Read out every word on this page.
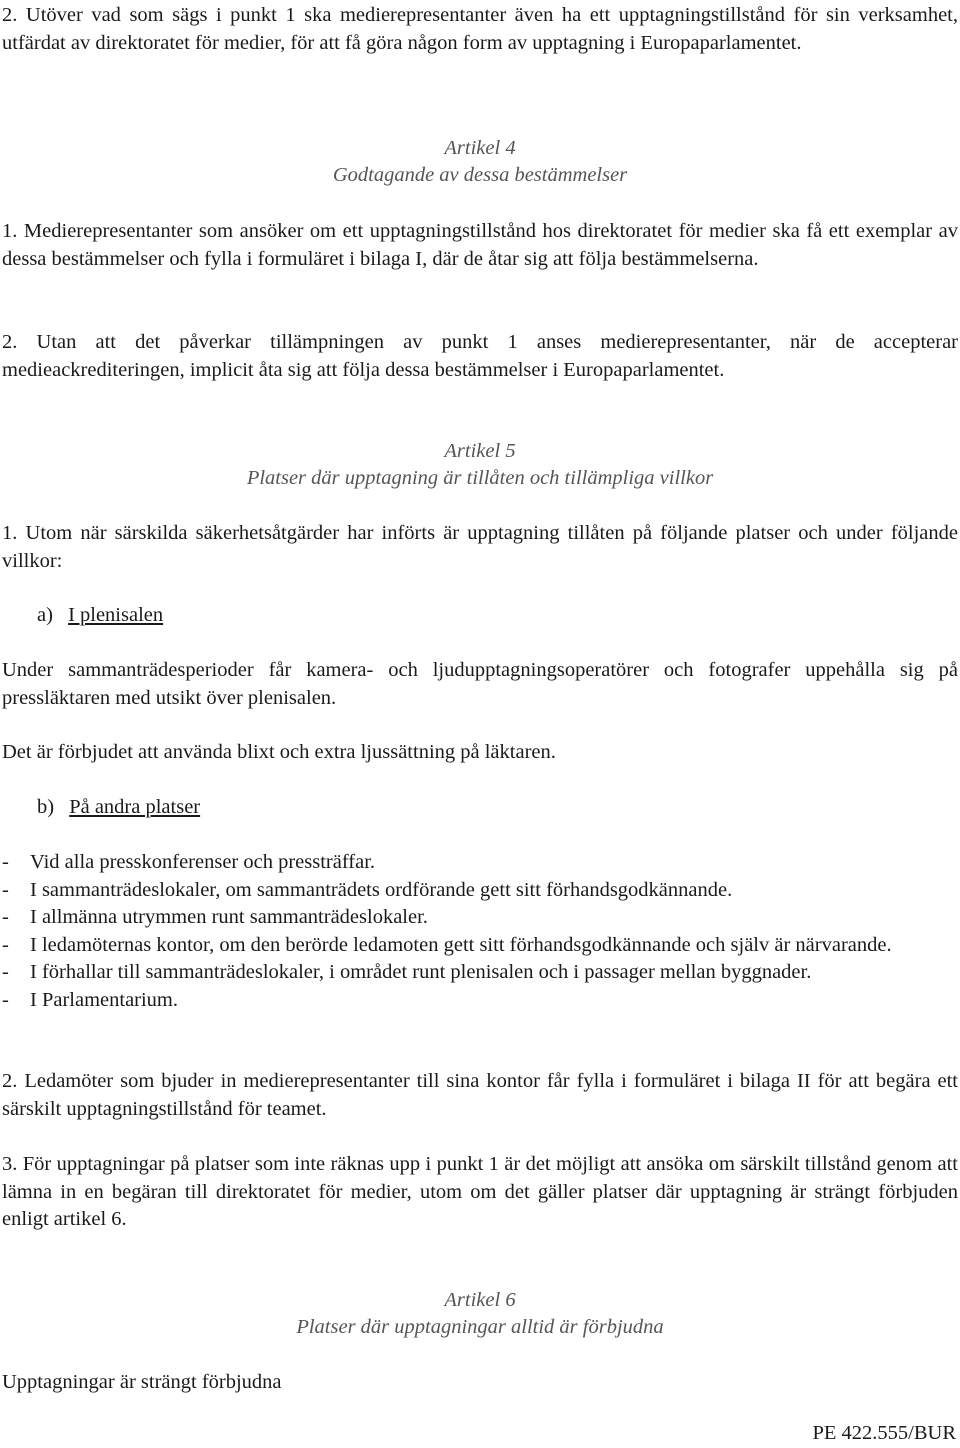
2. Utöver vad som sägs i punkt 1 ska medierepresentanter även ha ett upptagningstillstånd för sin verksamhet, utfärdat av direktoratet för medier, för att få göra någon form av upptagning i Europaparlamentet.
Artikel 4
Godtagande av dessa bestämmelser
1. Medierepresentanter som ansöker om ett upptagningstillstånd hos direktoratet för medier ska få ett exemplar av dessa bestämmelser och fylla i formuläret i bilaga I, där de åtar sig att följa bestämmelserna.
2. Utan att det påverkar tillämpningen av punkt 1 anses medierepresentanter, när de accepterar medieackrediteringen, implicit åta sig att följa dessa bestämmelser i Europaparlamentet.
Artikel 5
Platser där upptagning är tillåten och tillämpliga villkor
1. Utom när särskilda säkerhetsåtgärder har införts är upptagning tillåten på följande platser och under följande villkor:
a) I plenisalen
Under sammanträdesperioder får kamera- och ljudupptagningsoperatörer och fotografer uppehålla sig på pressläktaren med utsikt över plenisalen.
Det är förbjudet att använda blixt och extra ljussättning på läktaren.
b) På andra platser
- Vid alla presskonferenser och pressträffar.
- I sammanträdeslokaler, om sammanträdets ordförande gett sitt förhandsgodkännande.
- I allmänna utrymmen runt sammanträdeslokaler.
- I ledamöternas kontor, om den berörde ledamoten gett sitt förhandsgodkännande och själv är närvarande.
- I förhallar till sammanträdeslokaler, i området runt plenisalen och i passager mellan byggnader.
- I Parlamentarium.
2. Ledamöter som bjuder in medierepresentanter till sina kontor får fylla i formuläret i bilaga II för att begära ett särskilt upptagningstillstånd för teamet.
3. För upptagningar på platser som inte räknas upp i punkt 1 är det möjligt att ansöka om särskilt tillstånd genom att lämna in en begäran till direktoratet för medier, utom om det gäller platser där upptagning är strängt förbjuden enligt artikel 6.
Artikel 6
Platser där upptagningar alltid är förbjudna
Upptagningar är strängt förbjudna
PE 422.555/BUR
